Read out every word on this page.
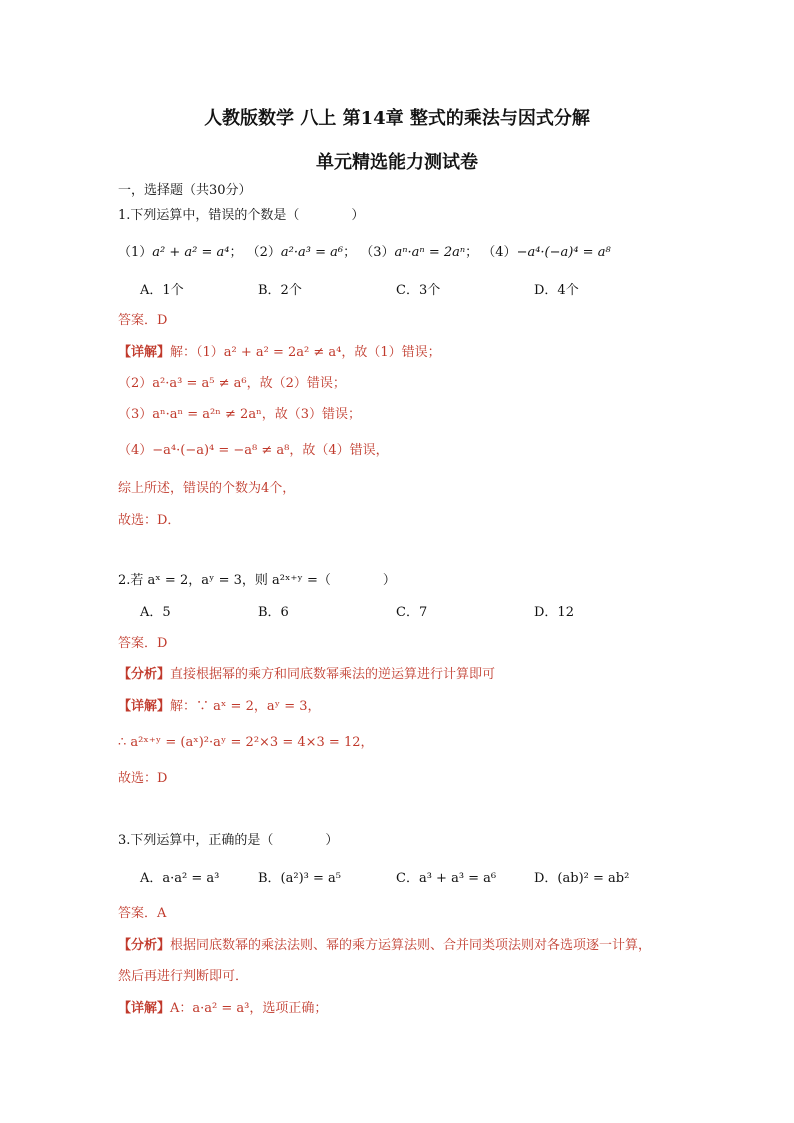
人教版数学 八上 第14章 整式的乘法与因式分解
单元精选能力测试卷
一，选择题（共30分）
1.下列运算中，错误的个数是（　　　　）
（1）a² + a² = a⁴； （2）a²·a³ = a⁶； （3）aⁿ·aⁿ = 2aⁿ； （4）−a⁴·(−a)⁴ = a⁸
A．1个	B．2个	C．3个	D．4个
答案．D
【详解】解：（1）a² + a² = 2a² ≠ a⁴，故（1）错误；
（2）a²·a³ = a⁵ ≠ a⁶，故（2）错误；
（3）aⁿ·aⁿ = a²ⁿ ≠ 2aⁿ，故（3）错误；
（4）−a⁴·(−a)⁴ = −a⁸ ≠ a⁸，故（4）错误，
综上所述，错误的个数为4个，
故选：D．
2.若 aˣ = 2，aʸ = 3，则 a²ˣ⁺ʸ =（　　　　）
A．5	B．6	C．7	D．12
答案．D
【分析】直接根据幂的乘方和同底数幂乘法的逆运算进行计算即可
【详解】解：∵ aˣ = 2，aʸ = 3，
∴ a²ˣ⁺ʸ = (aˣ)²·aʸ = 2²×3 = 4×3 = 12，
故选：D
3.下列运算中，正确的是（　　　　）
A．a·a² = a³	B．(a²)³ = a⁵	C．a³ + a³ = a⁶	D．(ab)² = ab²
答案．A
【分析】根据同底数幂的乘法法则、幂的乘方运算法则、合并同类项法则对各选项逐一计算，
然后再进行判断即可．
【详解】A：a·a² = a³，选项正确；
